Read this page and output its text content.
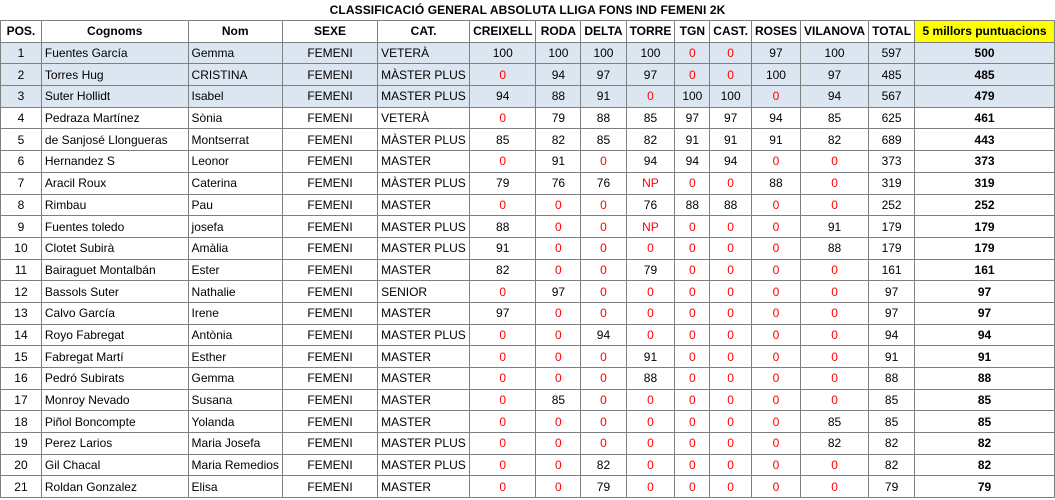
CLASSIFICACIÓ GENERAL ABSOLUTA LLIGA FONS IND FEMENI 2K														
POS.	Cognoms	Nom	SEXE	CAT.	CREIXELL	RODA	DELTA	TORRE	TGN	CAST.	ROSES	VILANOVA	TOTAL	5 millors puntuacions
1	Fuentes García	Gemma	FEMENI	VETERÀ	100	100	100	100	0	0	97	100	597	500
2	Torres Hug	CRISTINA	FEMENI	MÀSTER PLUS	0	94	97	97	0	0	100	97	485	485
3	Suter Hollidt	Isabel	FEMENI	MASTER PLUS	94	88	91	0	100	100	0	94	567	479
4	Pedraza Martínez	Sònia	FEMENI	VETERÀ	0	79	88	85	97	97	94	85	625	461
5	de Sanjosé Llongueras	Montserrat	FEMENI	MÀSTER PLUS	85	82	85	82	91	91	91	82	689	443
6	Hernandez S	Leonor	FEMENI	MASTER	0	91	0	94	94	94	0	0	373	373
7	Aracil Roux	Caterina	FEMENI	MÀSTER PLUS	79	76	76	NP	0	0	88	0	319	319
8	Rimbau	Pau	FEMENI	MASTER	0	0	0	76	88	88	0	0	252	252
9	Fuentes toledo	josefa	FEMENI	MASTER PLUS	88	0	0	NP	0	0	0	91	179	179
10	Clotet Subirà	Amàlia	FEMENI	MASTER PLUS	91	0	0	0	0	0	0	88	179	179
11	Bairaguet Montalbán	Ester	FEMENI	MASTER	82	0	0	79	0	0	0	0	161	161
12	Bassols Suter	Nathalie	FEMENI	SENIOR	0	97	0	0	0	0	0	0	97	97
13	Calvo García	Irene	FEMENI	MASTER	97	0	0	0	0	0	0	0	97	97
14	Royo Fabregat	Antònia	FEMENI	MASTER PLUS	0	0	94	0	0	0	0	0	94	94
15	Fabregat Martí	Esther	FEMENI	MASTER	0	0	0	91	0	0	0	0	91	91
16	Pedró Subirats	Gemma	FEMENI	MASTER	0	0	0	88	0	0	0	0	88	88
17	Monroy Nevado	Susana	FEMENI	MASTER	0	85	0	0	0	0	0	0	85	85
18	Piñol Boncompte	Yolanda	FEMENI	MASTER	0	0	0	0	0	0	0	85	85	85
19	Perez Larios	Maria Josefa	FEMENI	MASTER PLUS	0	0	0	0	0	0	0	82	82	82
20	Gil Chacal	Maria Remedios	FEMENI	MASTER PLUS	0	0	82	0	0	0	0	0	82	82
21	Roldan Gonzalez	Elisa	FEMENI	MASTER	0	0	79	0	0	0	0	0	79	79
